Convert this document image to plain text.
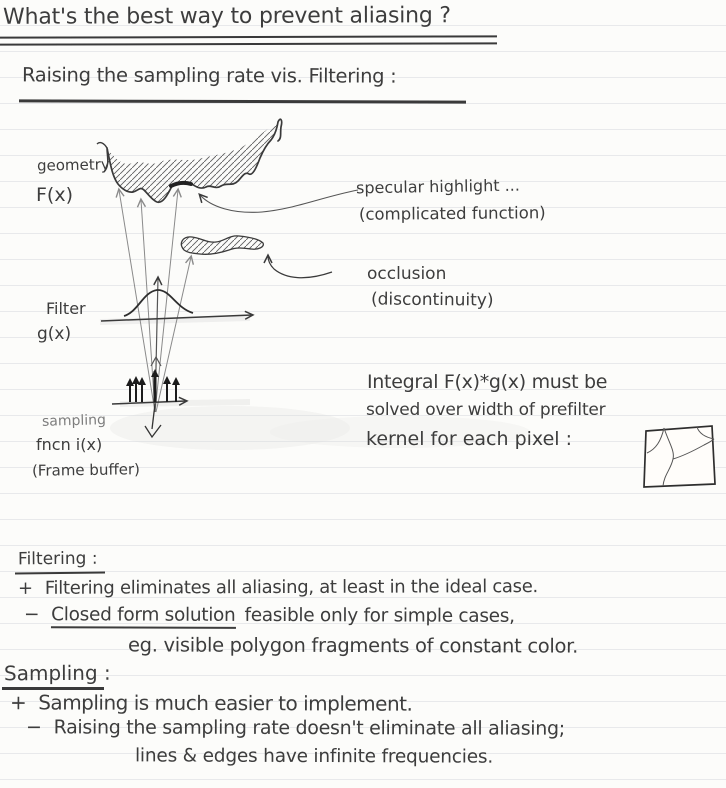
What's the best way to prevent aliasing ?
Raising the sampling rate vis. Filtering :
geometry
F(x)
Filter
g(x)
sampling
fncn i(x)
(Frame buffer)
specular highlight ...
(complicated function)
occlusion
(discontinuity)
Integral F(x)*g(x) must be
solved over width of prefilter
kernel for each pixel :
Filtering :
+ Filtering eliminates all aliasing, at least in the ideal case.
− Closed form solution feasible only for simple cases,
eg. visible polygon fragments of constant color.
Sampling :
+ Sampling is much easier to implement.
− Raising the sampling rate doesn't eliminate all aliasing;
lines & edges have infinite frequencies.
